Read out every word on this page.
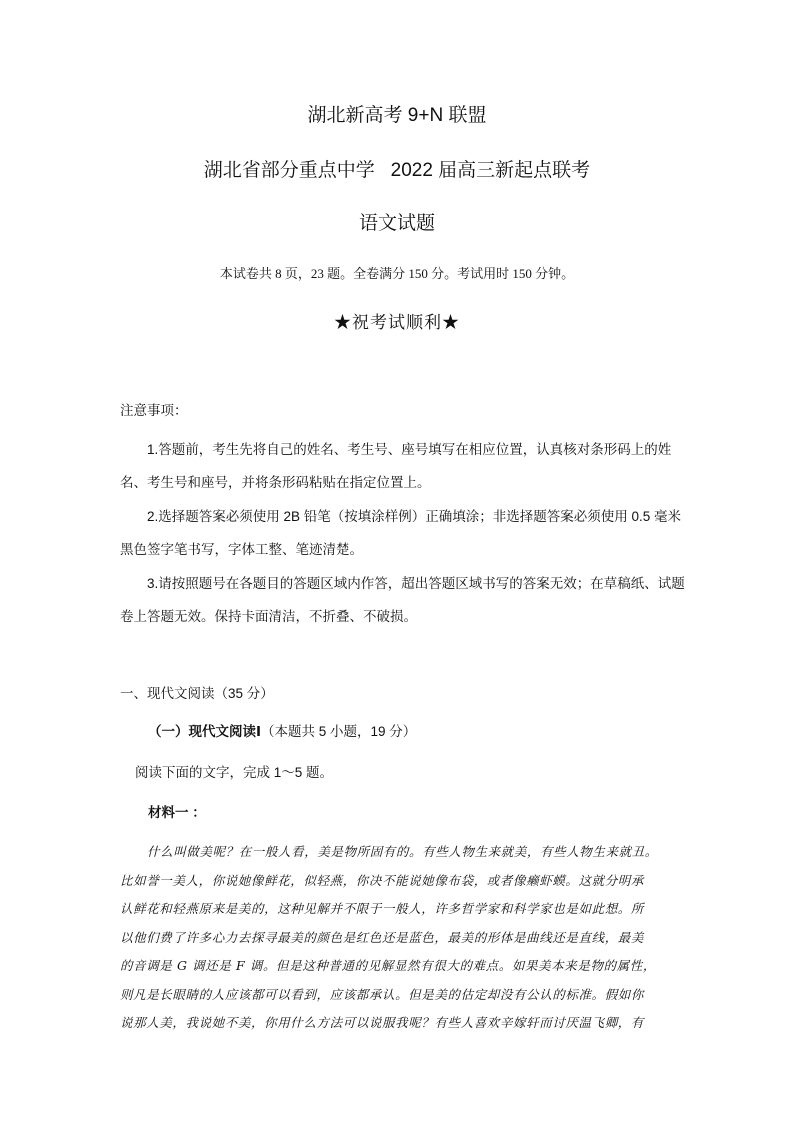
湖北新高考 9+N 联盟
湖北省部分重点中学   2022 届高三新起点联考
语文试题
本试卷共 8 页，23 题。全卷满分 150 分。考试用时 150 分钟。
★祝考试顺利★
注意事项：
1.答题前，考生先将自己的姓名、考生号、座号填写在相应位置，认真核对条形码上的姓名、考生号和座号，并将条形码粘贴在指定位置上。
2.选择题答案必须使用 2B 铅笔（按填涂样例）正确填涂；非选择题答案必须使用 0.5 毫米黑色签字笔书写，字体工整、笔迹清楚。
3.请按照题号在各题目的答题区域内作答，超出答题区域书写的答案无效；在草稿纸、试题卷上答题无效。保持卡面清洁，不折叠、不破损。
一、现代文阅读（35 分）
（一）现代文阅读Ⅰ（本题共 5 小题，19 分）
阅读下面的文字，完成 1～5 题。
材料一 ：
什么叫做美呢？在一般人看，美是物所固有的。有些人物生来就美，有些人物生来就丑。
比如誉一美人，你说她像鲜花，似轻燕，你决不能说她像布袋，或者像癞虾蟆。这就分明承
认鲜花和轻燕原来是美的，这种见解并不限于一般人，许多哲学家和科学家也是如此想。所
以他们费了许多心力去探寻最美的颜色是红色还是蓝色，最美的形体是曲线还是直线，最美
的音调是 G 调还是 F 调。但是这种普通的见解显然有很大的难点。如果美本来是物的属性，
则凡是长眼睛的人应该都可以看到，应该都承认。但是美的估定却没有公认的标准。假如你
说那人美，我说她不美，你用什么方法可以说服我呢？有些人喜欢辛嫁轩而讨厌温飞卿，有
